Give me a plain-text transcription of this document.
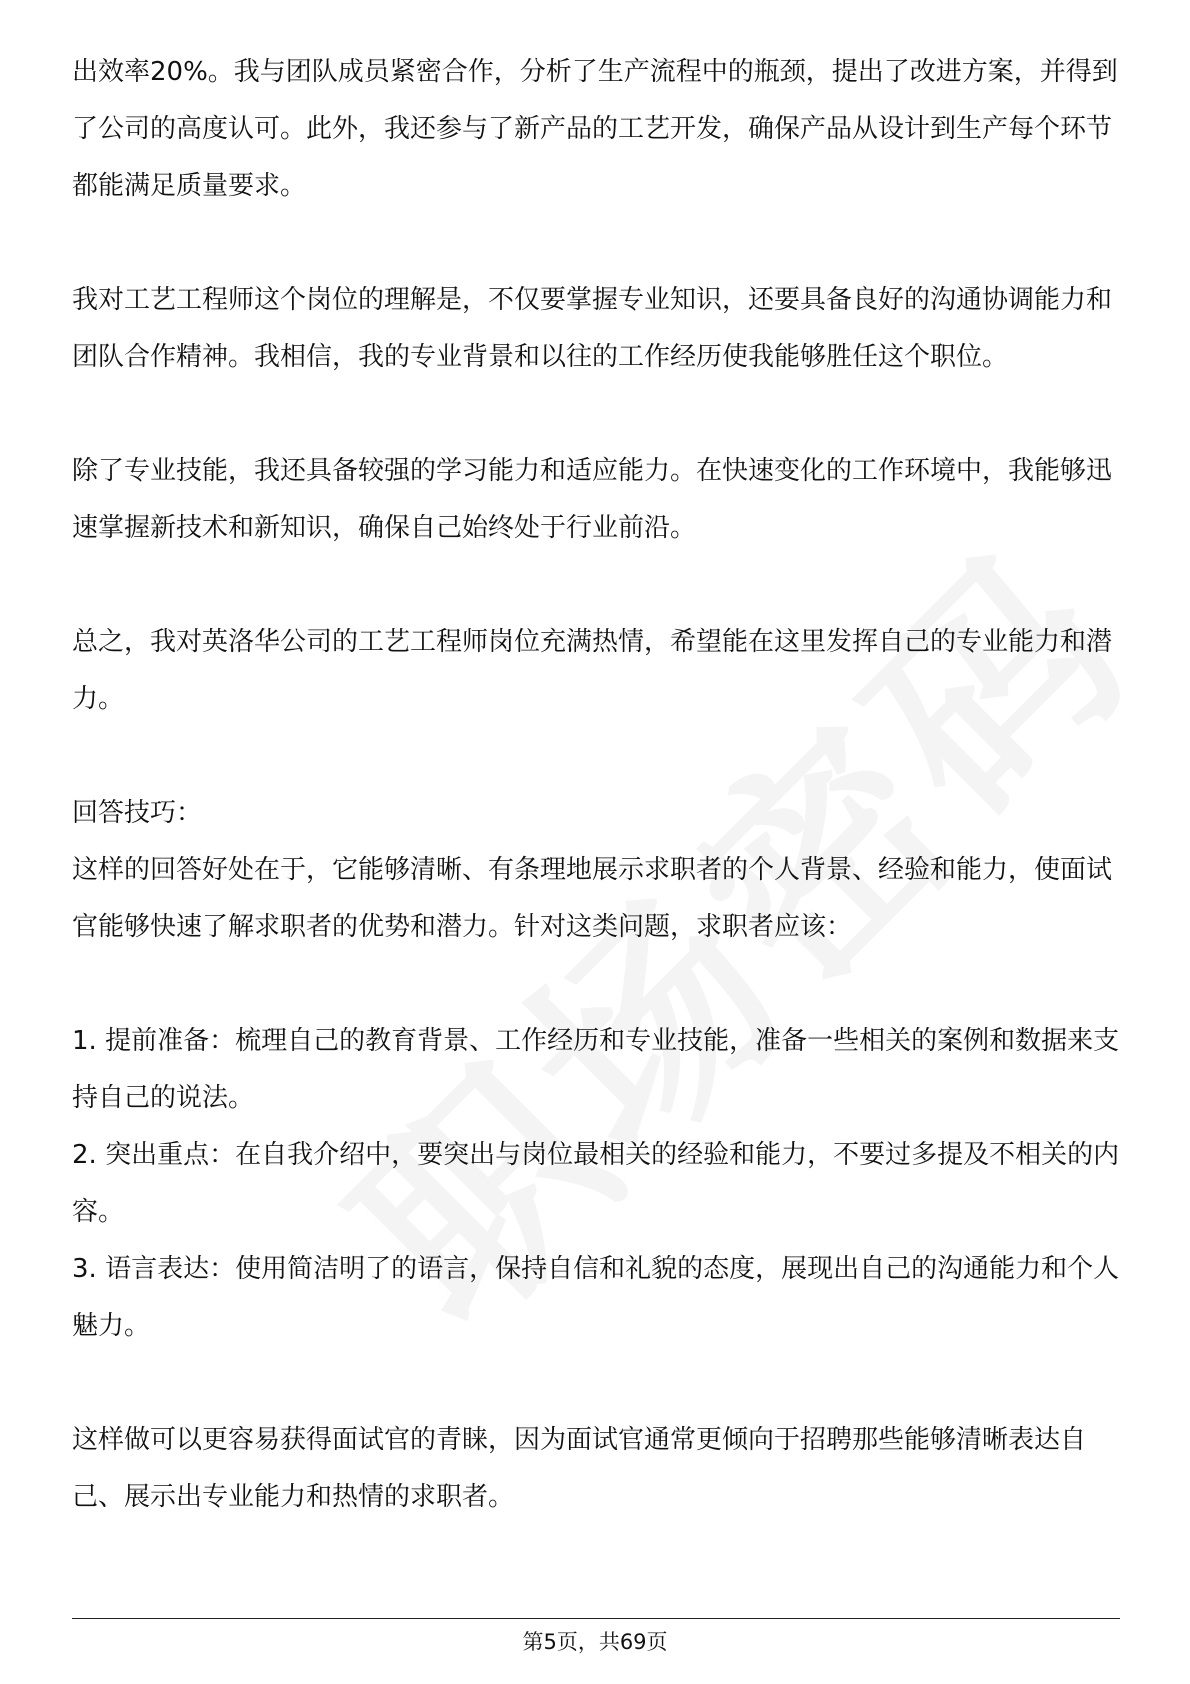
出效率20%。我与团队成员紧密合作，分析了生产流程中的瓶颈，提出了改进方案，并得到了公司的高度认可。此外，我还参与了新产品的工艺开发，确保产品从设计到生产每个环节都能满足质量要求。

我对工艺工程师这个岗位的理解是，不仅要掌握专业知识，还要具备良好的沟通协调能力和团队合作精神。我相信，我的专业背景和以往的工作经历使我能够胜任这个职位。

除了专业技能，我还具备较强的学习能力和适应能力。在快速变化的工作环境中，我能够迅速掌握新技术和新知识，确保自己始终处于行业前沿。

总之，我对英洛华公司的工艺工程师岗位充满热情，希望能在这里发挥自己的专业能力和潜力。

回答技巧：

这样的回答好处在于，它能够清晰、有条理地展示求职者的个人背景、经验和能力，使面试官能够快速了解求职者的优势和潜力。针对这类问题，求职者应该：

1. 提前准备：梳理自己的教育背景、工作经历和专业技能，准备一些相关的案例和数据来支持自己的说法。

2. 突出重点：在自我介绍中，要突出与岗位最相关的经验和能力，不要过多提及不相关的内容。

3. 语言表达：使用简洁明了的语言，保持自信和礼貌的态度，展现出自己的沟通能力和个人魅力。

这样做可以更容易获得面试官的青睐，因为面试官通常更倾向于招聘那些能够清晰表达自己、展示出专业能力和热情的求职者。

第5页，共69页
